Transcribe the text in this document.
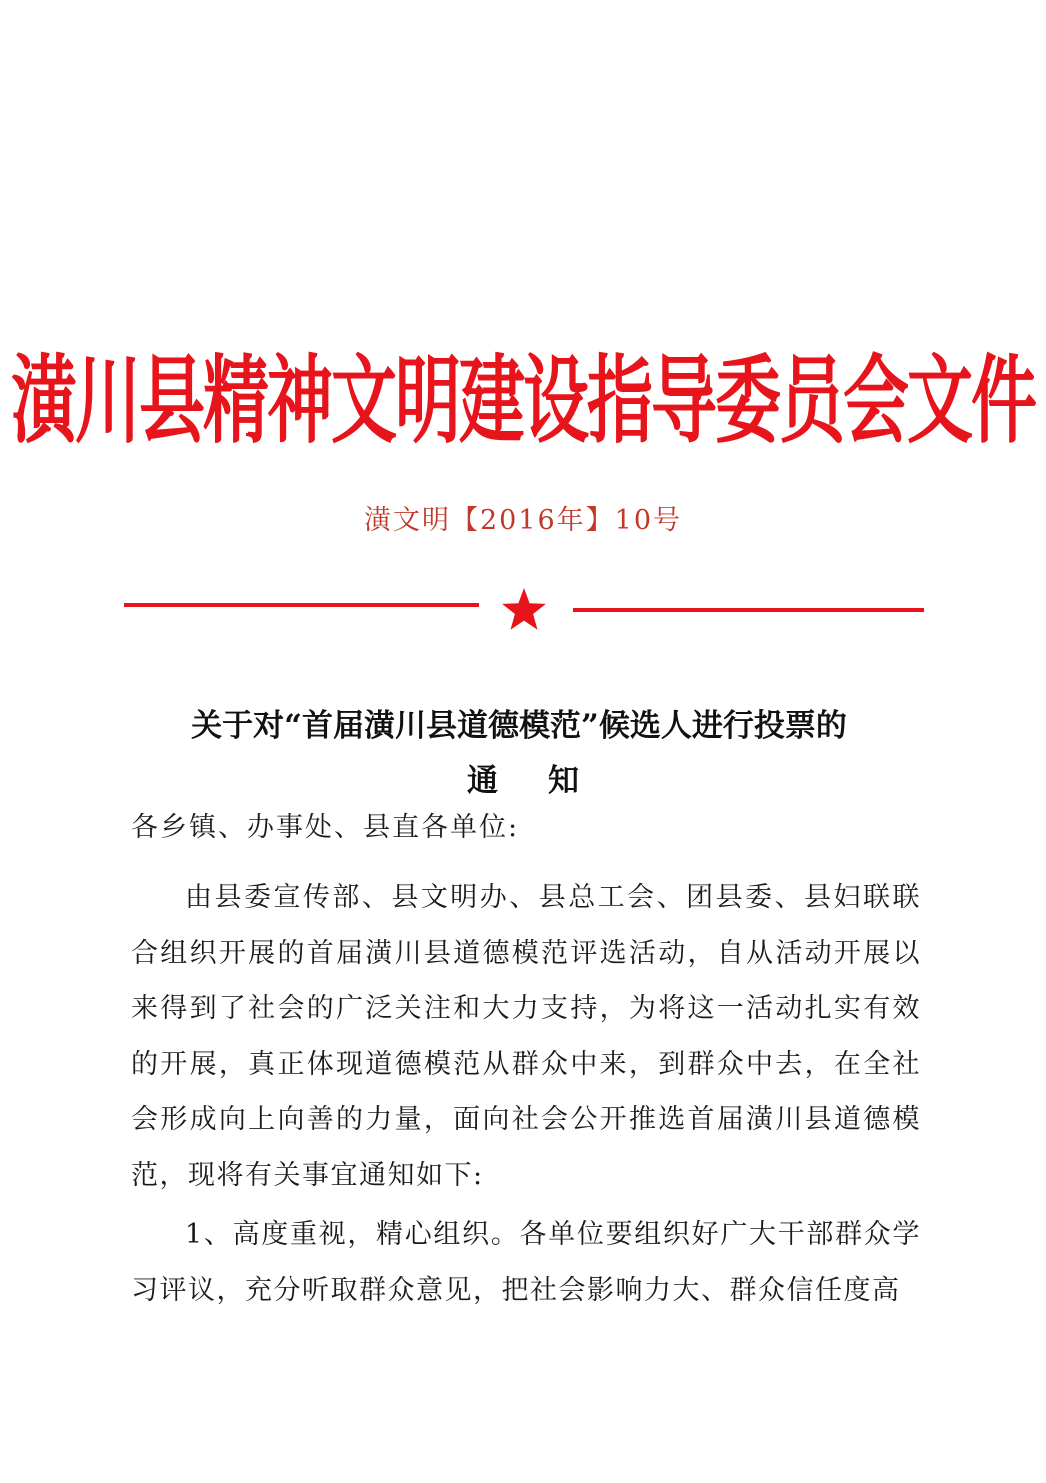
潢川县精神文明建设指导委员会文件
潢文明【2016年】10号
关于对“首届潢川县道德模范”候选人进行投票的
通知
各乡镇、办事处、县直各单位:

由县委宣传部、县文明办、县总工会、团县委、县妇联联合组织开展的首届潢川县道德模范评选活动，自从活动开展以来得到了社会的广泛关注和大力支持，为将这一活动扎实有效的开展，真正体现道德模范从群众中来，到群众中去，在全社会形成向上向善的力量，面向社会公开推选首届潢川县道德模范，现将有关事宜通知如下:

1、高度重视，精心组织。各单位要组织好广大干部群众学习评议，充分听取群众意见，把社会影响力大、群众信任度高
